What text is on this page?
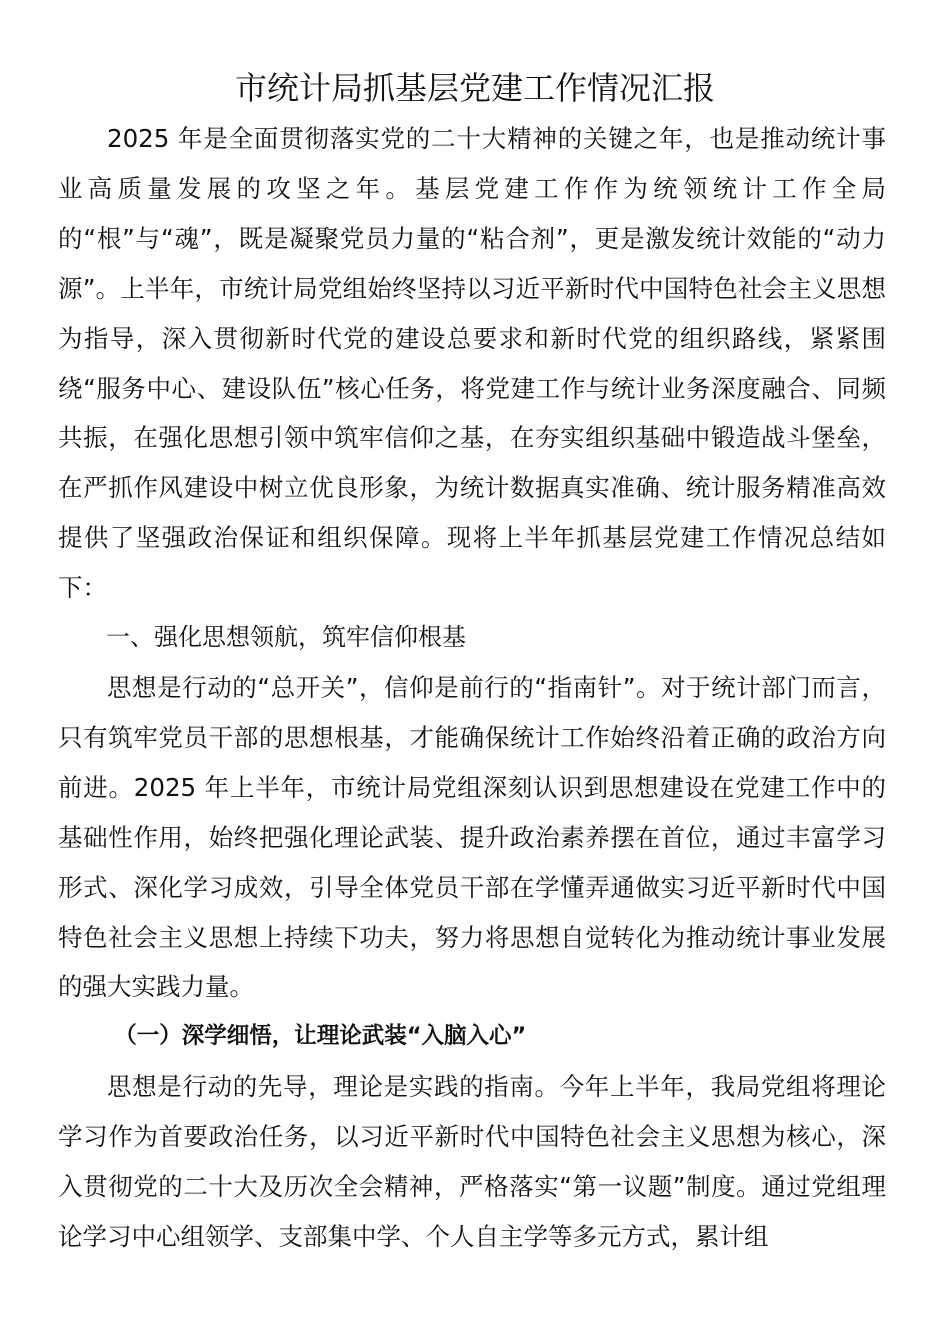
市统计局抓基层党建工作情况汇报

2025 年是全面贯彻落实党的二十大精神的关键之年，也是推动统计事业高质量发展的攻坚之年。基层党建工作作为统领统计工作全局的“根”与“魂”，既是凝聚党员力量的“粘合剂”，更是激发统计效能的“动力源”。上半年，市统计局党组始终坚持以习近平新时代中国特色社会主义思想为指导，深入贯彻新时代党的建设总要求和新时代党的组织路线，紧紧围绕“服务中心、建设队伍”核心任务，将党建工作与统计业务深度融合、同频共振，在强化思想引领中筑牢信仰之基，在夯实组织基础中锻造战斗堡垒，在严抓作风建设中树立优良形象，为统计数据真实准确、统计服务精准高效提供了坚强政治保证和组织保障。现将上半年抓基层党建工作情况总结如下：

一、强化思想领航，筑牢信仰根基

思想是行动的“总开关”，信仰是前行的“指南针”。对于统计部门而言，只有筑牢党员干部的思想根基，才能确保统计工作始终沿着正确的政治方向前进。2025 年上半年，市统计局党组深刻认识到思想建设在党建工作中的基础性作用，始终把强化理论武装、提升政治素养摆在首位，通过丰富学习形式、深化学习成效，引导全体党员干部在学懂弄通做实习近平新时代中国特色社会主义思想上持续下功夫，努力将思想自觉转化为推动统计事业发展的强大实践力量。

（一）深学细悟，让理论武装“入脑入心”

思想是行动的先导，理论是实践的指南。今年上半年，我局党组将理论学习作为首要政治任务，以习近平新时代中国特色社会主义思想为核心，深入贯彻党的二十大及历次全会精神，严格落实“第一议题”制度。通过党组理论学习中心组领学、支部集中学、个人自主学等多元方式，累计组
